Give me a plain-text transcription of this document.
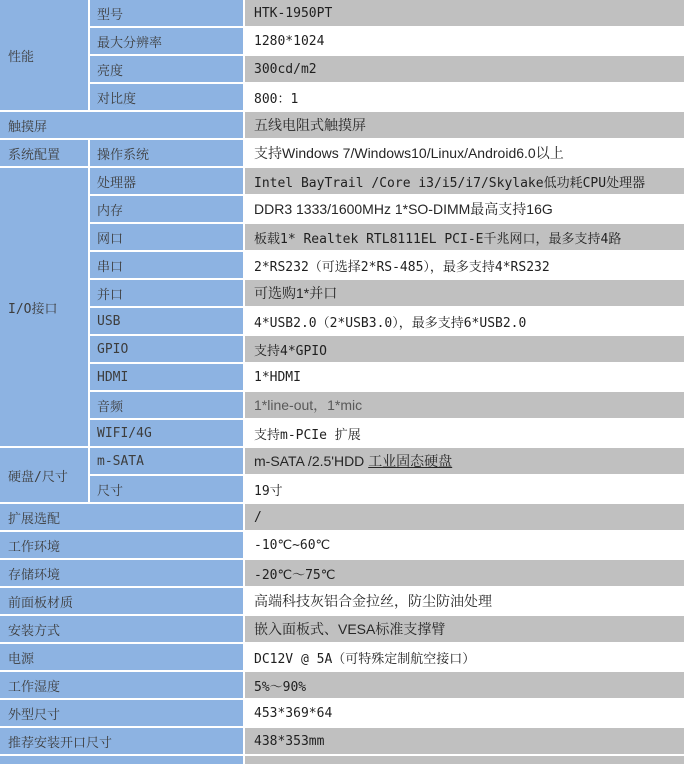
性能	型号	HTK-1950PT
	最大分辨率	1280*1024
	亮度	300cd/m2
	对比度	800：1
触摸屏		五线电阻式触摸屏
系统配置	操作系统	支持Windows 7/Windows10/Linux/Android6.0以上
I/O接口	处理器	Intel BayTrail /Core i3/i5/i7/Skylake低功耗CPU处理器
	内存	DDR3 1333/1600MHz 1*SO-DIMM最高支持16G
	网口	板载1* Realtek RTL8111EL PCI-E千兆网口，最多支持4路
	串口	2*RS232（可选择2*RS-485），最多支持4*RS232
	并口	可选购1*并口
	USB	4*USB2.0（2*USB3.0），最多支持6*USB2.0
	GPIO	支持4*GPIO
	HDMI	1*HDMI
	音频	1*line-out，1*mic
	WIFI/4G	支持m-PCIe 扩展
硬盘/尺寸	m-SATA	m-SATA /2.5'HDD 工业固态硬盘
	尺寸	19寸
扩展选配		/
工作环境		-10℃~60℃
存储环境		-20℃～75℃
前面板材质		高端科技灰铝合金拉丝，防尘防油处理
安装方式		嵌入面板式、VESA标准支撑臂
电源		DC12V @ 5A（可特殊定制航空接口）
工作湿度		5%～90%
外型尺寸		453*369*64
推荐安装开口尺寸		438*353mm
